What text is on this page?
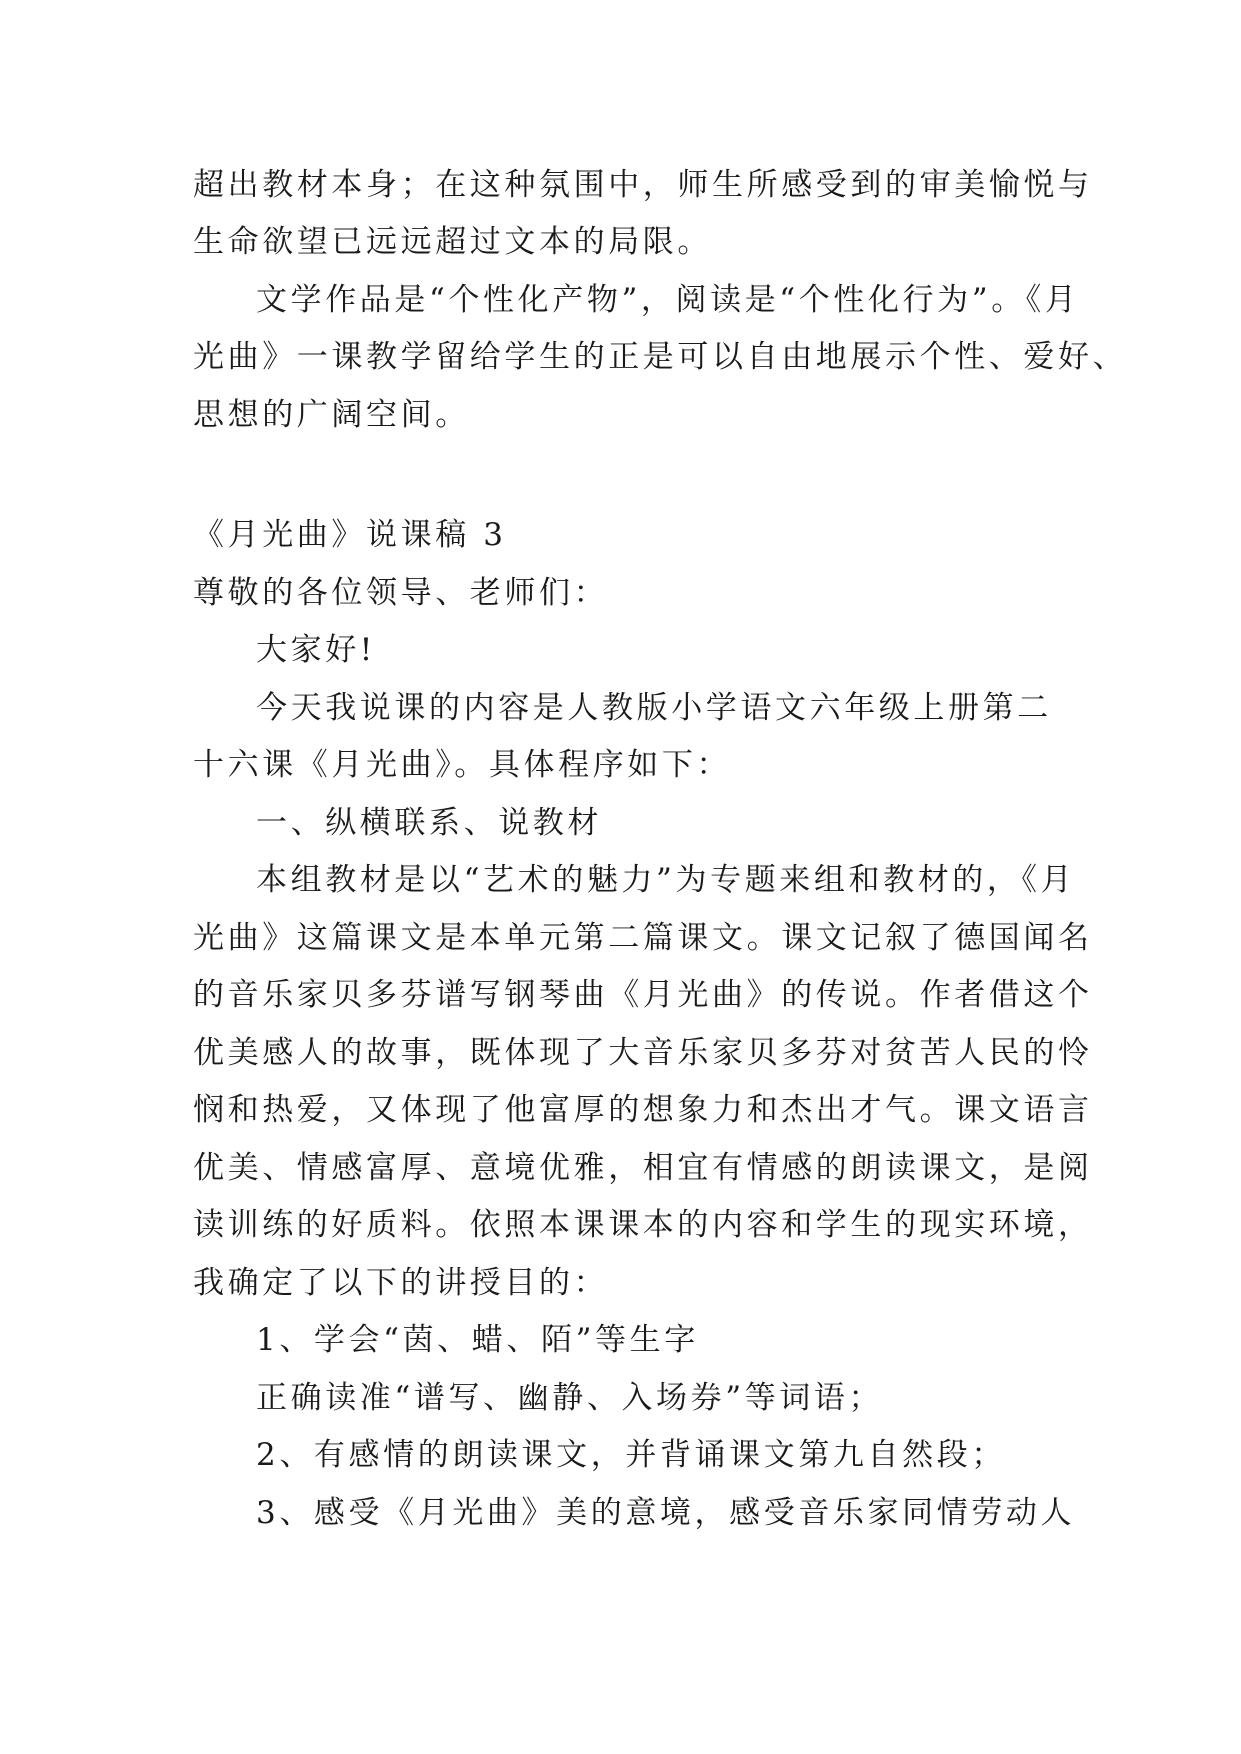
超出教材本身；在这种氛围中，师生所感受到的审美愉悦与
生命欲望已远远超过文本的局限。
文学作品是“个性化产物”，阅读是“个性化行为”。《月
光曲》一课教学留给学生的正是可以自由地展示个性、爱好、
思想的广阔空间。
《月光曲》说课稿 3
尊敬的各位领导、老师们：
大家好!
今天我说课的内容是人教版小学语文六年级上册第二
十六课《月光曲》。具体程序如下：
一、纵横联系、说教材
本组教材是以“艺术的魅力”为专题来组和教材的，《月
光曲》这篇课文是本单元第二篇课文。课文记叙了德国闻名
的音乐家贝多芬谱写钢琴曲《月光曲》的传说。作者借这个
优美感人的故事，既体现了大音乐家贝多芬对贫苦人民的怜
悯和热爱，又体现了他富厚的想象力和杰出才气。课文语言
优美、情感富厚、意境优雅，相宜有情感的朗读课文，是阅
读训练的好质料。依照本课课本的内容和学生的现实环境，
我确定了以下的讲授目的：
1、学会“茵、蜡、陌”等生字
正确读准“谱写、幽静、入场券”等词语；
2、有感情的朗读课文，并背诵课文第九自然段；
3、感受《月光曲》美的意境，感受音乐家同情劳动人
